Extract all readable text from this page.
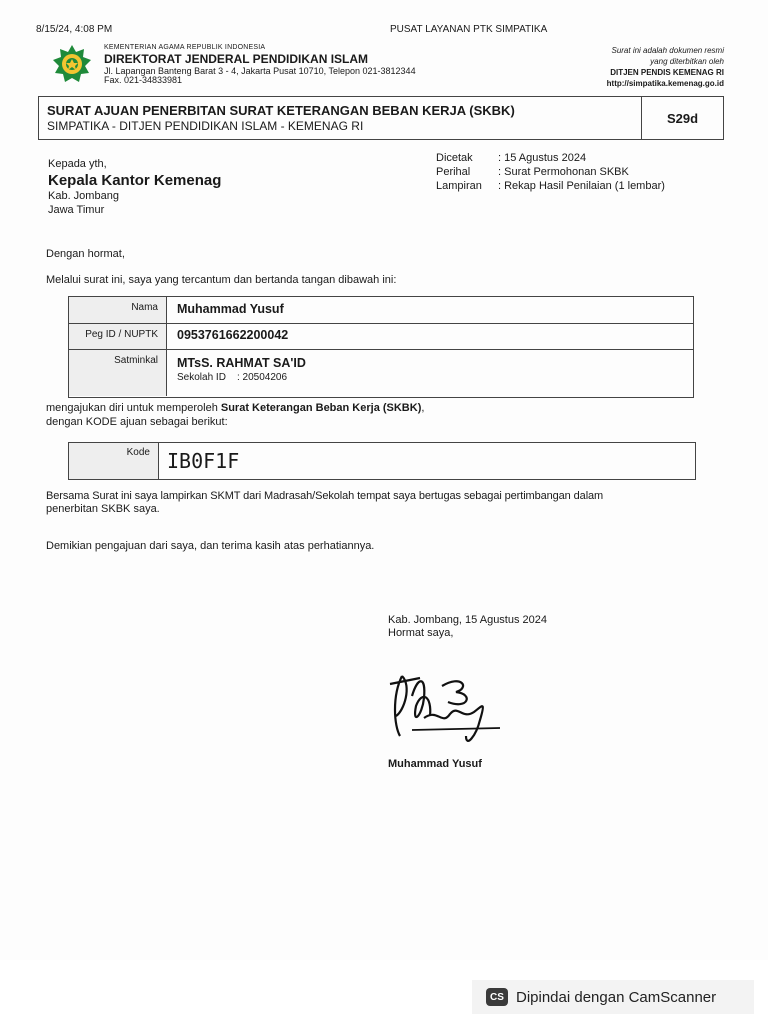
8/15/24, 4:08 PM	PUSAT LAYANAN PTK SIMPATIKA
KEMENTERIAN AGAMA REPUBLIK INDONESIA
DIREKTORAT JENDERAL PENDIDIKAN ISLAM
Jl. Lapangan Banteng Barat 3 - 4, Jakarta Pusat 10710, Telepon 021-3812344
Fax. 021-34833981
Surat ini adalah dokumen resmi
yang diterbitkan oleh
DITJEN PENDIS KEMENAG RI
http://simpatika.kemenag.go.id
SURAT AJUAN PENERBITAN SURAT KETERANGAN BEBAN KERJA (SKBK)
SIMPATIKA - DITJEN PENDIDIKAN ISLAM - KEMENAG RI
S29d
Kepada yth,
Kepala Kantor Kemenag
Kab. Jombang
Jawa Timur
Dicetak : 15 Agustus 2024
Perihal	: Surat Permohonan SKBK
Lampiran : Rekap Hasil Penilaian (1 lembar)
Dengan hormat,
Melalui surat ini, saya yang tercantum dan bertanda tangan dibawah ini:
Nama	Muhammad Yusuf
Peg ID / NUPTK	0953761662200042
Satminkal	MTsS. RAHMAT SA'ID
Sekolah ID : 20504206
mengajukan diri untuk memperoleh Surat Keterangan Beban Kerja (SKBK),
dengan KODE ajuan sebagai berikut:
Kode IB0F1F
Bersama Surat ini saya lampirkan SKMT dari Madrasah/Sekolah tempat saya bertugas sebagai pertimbangan dalam
penerbitan SKBK saya.
Demikian pengajuan dari saya, dan terima kasih atas perhatiannya.
Kab. Jombang, 15 Agustus 2024
Hormat saya,
Muhammad Yusuf
CS Dipindai dengan CamScanner
